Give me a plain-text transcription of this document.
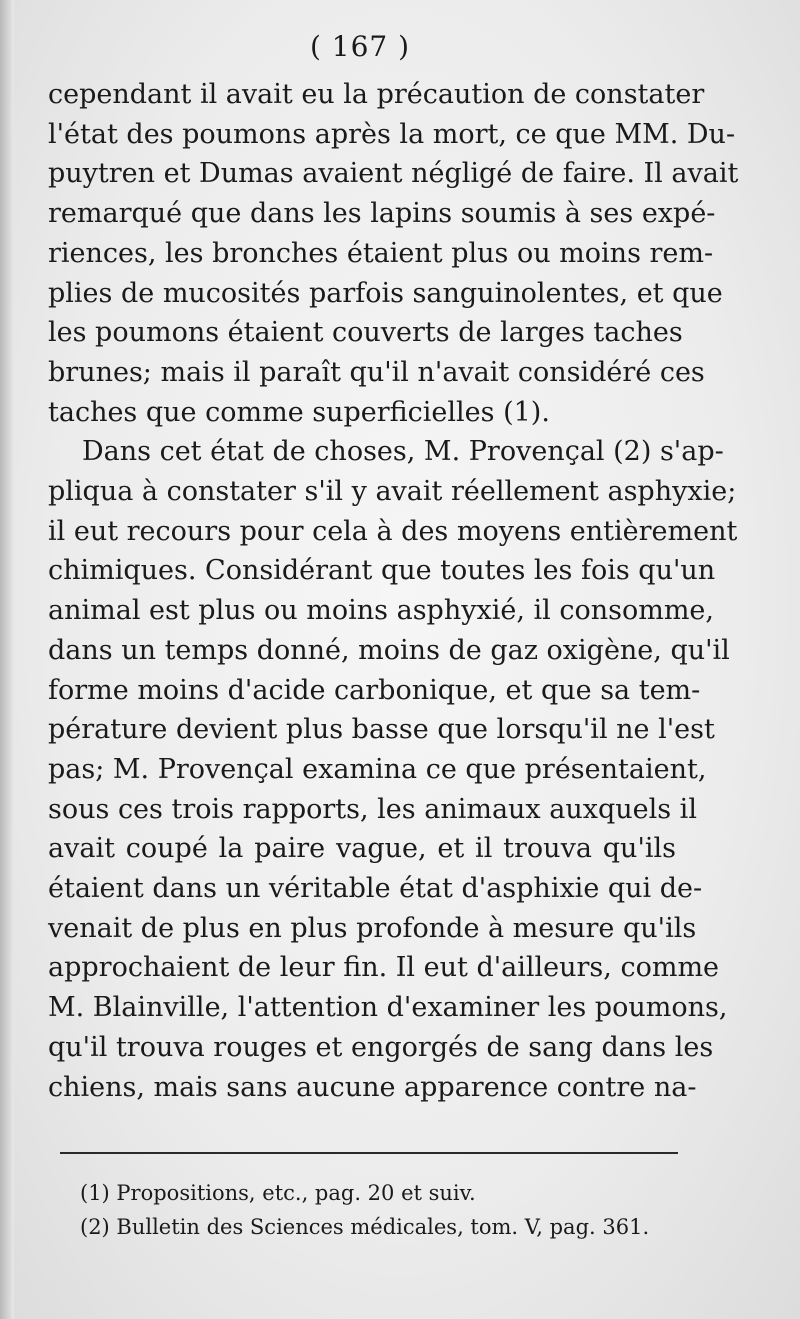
( 167 )
cependant il avait eu la précaution de constater
l'état des poumons après la mort, ce que MM. Du-
puytren et Dumas avaient négligé de faire. Il avait
remarqué que dans les lapins soumis à ses expé-
riences, les bronches étaient plus ou moins rem-
plies de mucosités parfois sanguinolentes, et que
les poumons étaient couverts de larges taches
brunes; mais il paraît qu'il n'avait considéré ces
taches que comme superficielles (1).
Dans cet état de choses, M. Provençal (2) s'ap-
pliqua à constater s'il y avait réellement asphyxie;
il eut recours pour cela à des moyens entièrement
chimiques. Considérant que toutes les fois qu'un
animal est plus ou moins asphyxié, il consomme,
dans un temps donné, moins de gaz oxigène, qu'il
forme moins d'acide carbonique, et que sa tem-
pérature devient plus basse que lorsqu'il ne l'est
pas; M. Provençal examina ce que présentaient,
sous ces trois rapports, les animaux auxquels il
avait coupé la paire vague, et il trouva qu'ils
étaient dans un véritable état d'asphixie qui de-
venait de plus en plus profonde à mesure qu'ils
approchaient de leur fin. Il eut d'ailleurs, comme
M. Blainville, l'attention d'examiner les poumons,
qu'il trouva rouges et engorgés de sang dans les
chiens, mais sans aucune apparence contre na-
(1) Propositions, etc., pag. 20 et suiv.
(2) Bulletin des Sciences médicales, tom. V, pag. 361.
